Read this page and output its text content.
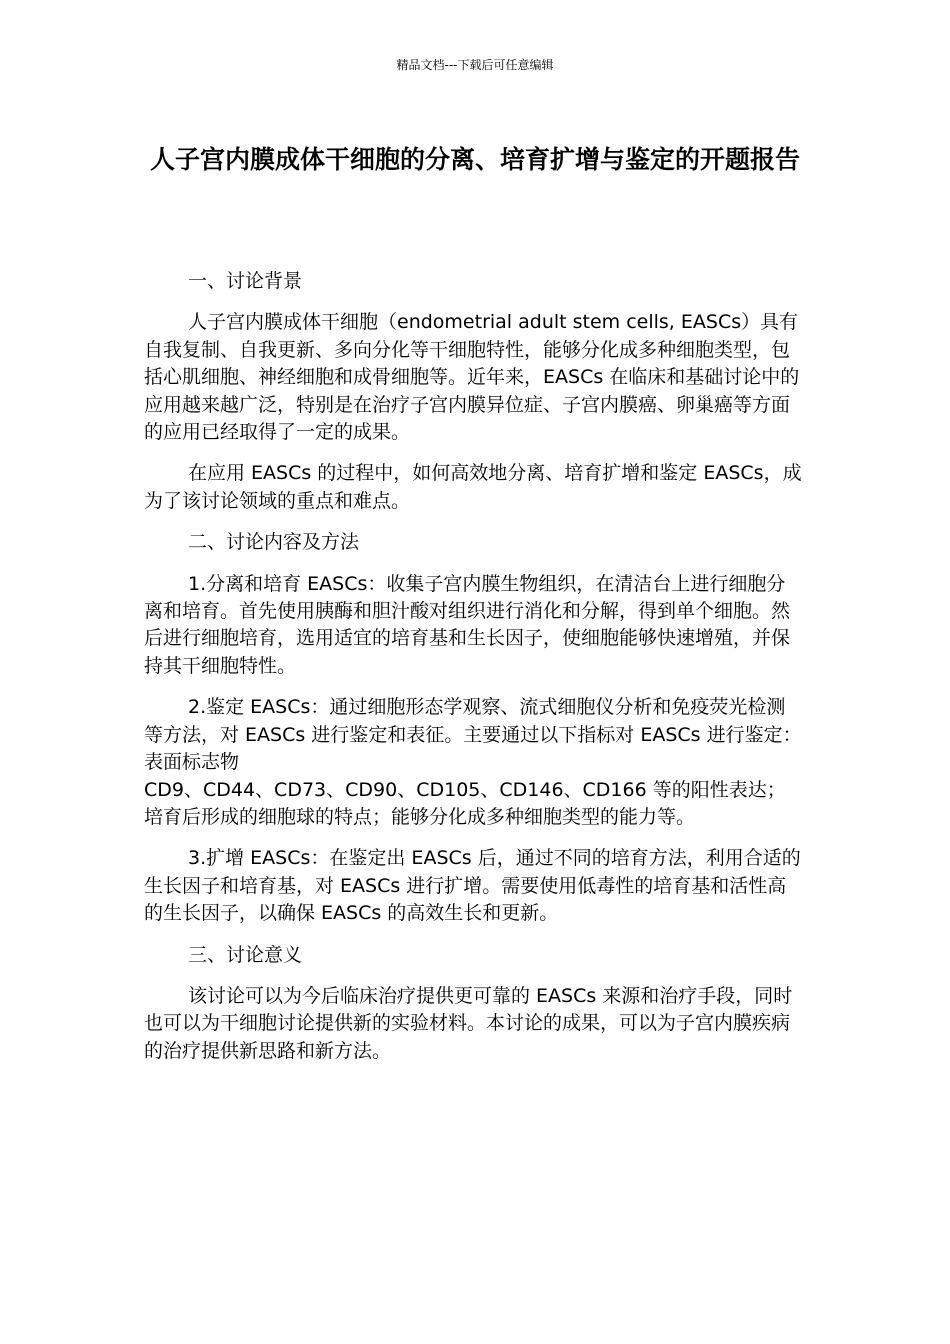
精品文档---下载后可任意编辑
人子宫内膜成体干细胞的分离、培育扩增与鉴定的开题报告

一、讨论背景

人子宫内膜成体干细胞（endometrial adult stem cells, EASCs）具有自我复制、自我更新、多向分化等干细胞特性，能够分化成多种细胞类型，包括心肌细胞、神经细胞和成骨细胞等。近年来，EASCs 在临床和基础讨论中的应用越来越广泛，特别是在治疗子宫内膜异位症、子宫内膜癌、卵巢癌等方面的应用已经取得了一定的成果。

在应用 EASCs 的过程中，如何高效地分离、培育扩增和鉴定 EASCs，成为了该讨论领域的重点和难点。

二、讨论内容及方法

1.分离和培育 EASCs：收集子宫内膜生物组织，在清洁台上进行细胞分离和培育。首先使用胰酶和胆汁酸对组织进行消化和分解，得到单个细胞。然后进行细胞培育，选用适宜的培育基和生长因子，使细胞能够快速增殖，并保持其干细胞特性。

2.鉴定 EASCs：通过细胞形态学观察、流式细胞仪分析和免疫荧光检测等方法，对 EASCs 进行鉴定和表征。主要通过以下指标对 EASCs 进行鉴定：表面标志物

CD9、CD44、CD73、CD90、CD105、CD146、CD166 等的阳性表达；培育后形成的细胞球的特点；能够分化成多种细胞类型的能力等。

3.扩增 EASCs：在鉴定出 EASCs 后，通过不同的培育方法，利用合适的生长因子和培育基，对 EASCs 进行扩增。需要使用低毒性的培育基和活性高的生长因子，以确保 EASCs 的高效生长和更新。

三、讨论意义

该讨论可以为今后临床治疗提供更可靠的 EASCs 来源和治疗手段，同时也可以为干细胞讨论提供新的实验材料。本讨论的成果，可以为子宫内膜疾病的治疗提供新思路和新方法。
